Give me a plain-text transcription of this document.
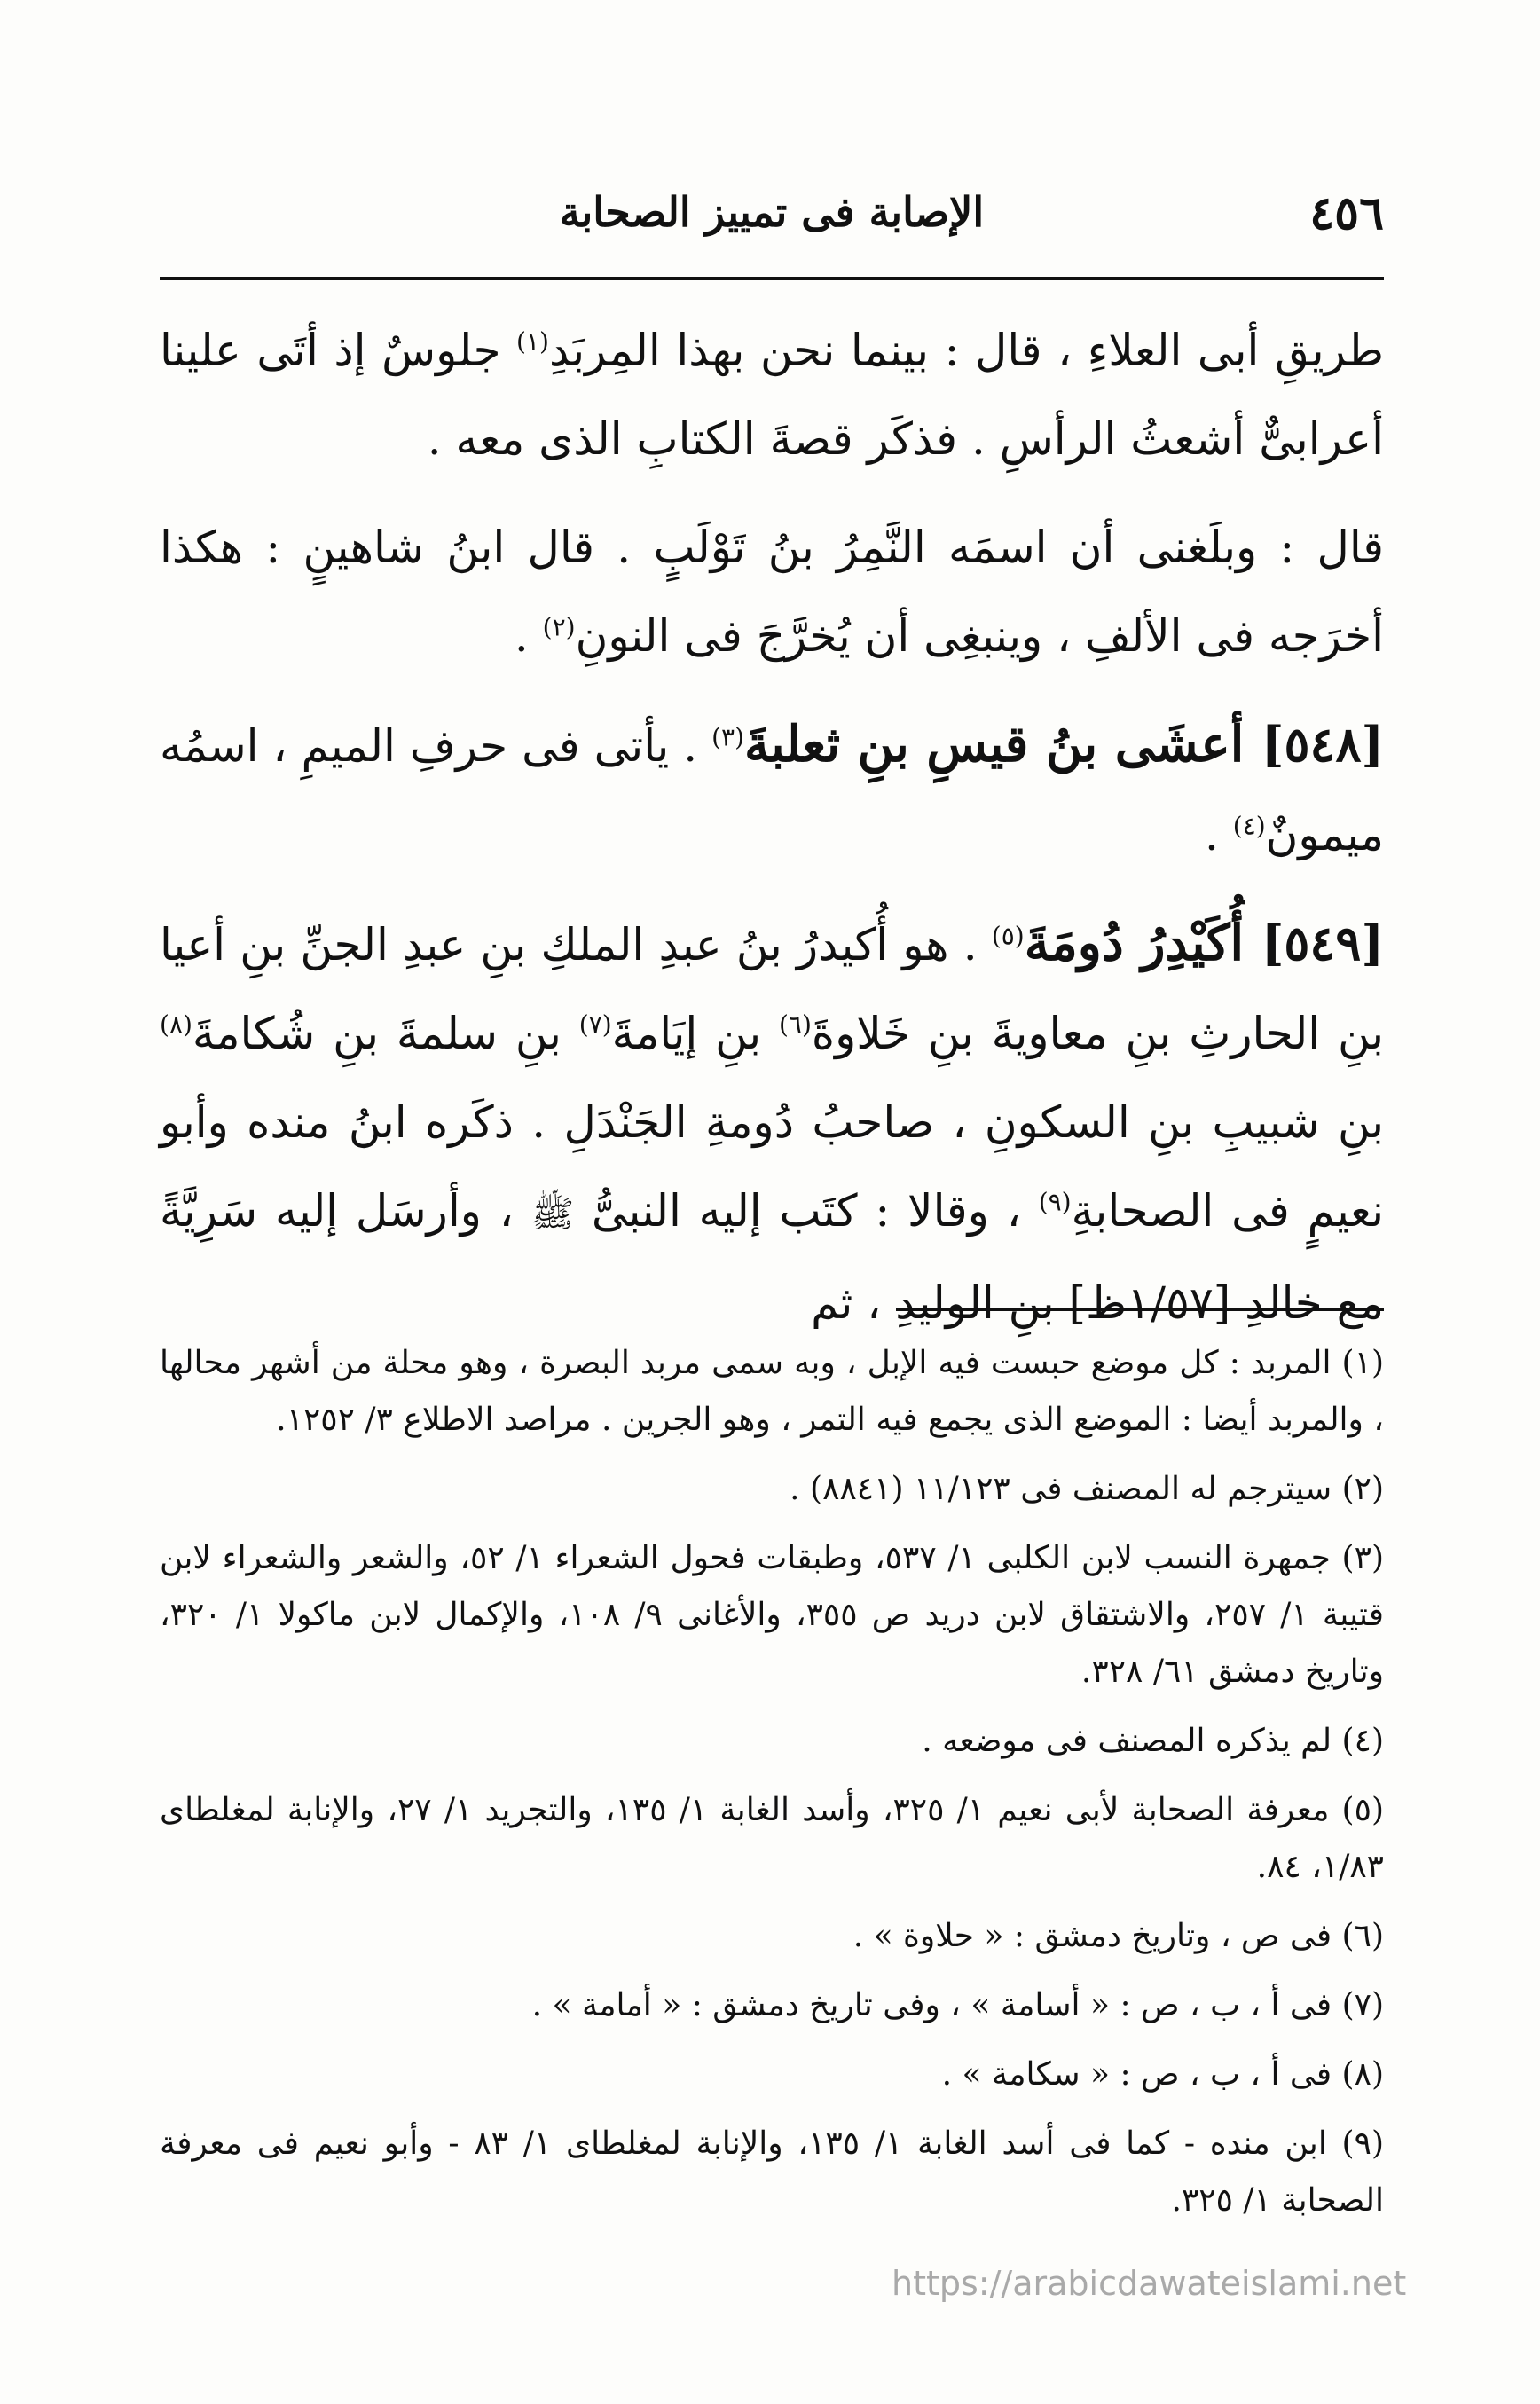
٤٥٦
الإصابة فى تمييز الصحابة

طريقِ أبى العلاءِ ، قال : بينما نحن بهذا المِربَدِ$^{(١)}$ جلوسٌ إذ أتَى علينا أعرابىٌّ أشعثُ الرأسِ . فذكَر قصةَ الكتابِ الذى معه .

قال : وبلَغنى أن اسمَه النَّمِرُ بنُ تَوْلَبٍ . قال ابنُ شاهينٍ : هكذا أخرَجه فى الألفِ ، وينبغِى أن يُخرَّجَ فى النونِ$^{(٢)}$ .

[٥٤٨] أعشَى بنُ قيسِ بنِ ثعلبةَ$^{(٣)}$ . يأتى فى حرفِ الميمِ ، اسمُه ميمونٌ$^{(٤)}$ .

[٥٤٩] أُكَيْدِرُ دُومَةَ$^{(٥)}$ . هو أُكيدرُ بنُ عبدِ الملكِ بنِ عبدِ الجنِّ بنِ أعيا بنِ الحارثِ بنِ معاويةَ بنِ خَلاوةَ$^{(٦)}$ بنِ إيَامةَ$^{(٧)}$ بنِ سلمةَ بنِ شُكامةَ$^{(٨)}$ بنِ شبيبِ بنِ السكونِ ، صاحبُ دُومةِ الجَنْدَلِ . ذكَره ابنُ منده وأبو نعيمٍ فى الصحابةِ$^{(٩)}$ ، وقالا : كتَب إليه النبىُّ ﷺ ، وأرسَل إليه سَرِيَّةً مع خالدِ [١/٥٧ظ] بنِ الوليدِ ، ثم

(١) المربد : كل موضع حبست فيه الإبل ، وبه سمى مربد البصرة ، وهو محلة من أشهر محالها ، والمربد أيضا : الموضع الذى يجمع فيه التمر ، وهو الجرين . مراصد الاطلاع ٣/ ١٢٥٢.
(٢) سيترجم له المصنف فى ١١/١٢٣ (٨٨٤١) .
(٣) جمهرة النسب لابن الكلبى ١/ ٥٣٧، وطبقات فحول الشعراء ١/ ٥٢، والشعر والشعراء لابن قتيبة ١/ ٢٥٧، والاشتقاق لابن دريد ص ٣٥٥، والأغانى ٩/ ١٠٨، والإكمال لابن ماكولا ١/ ٣٢٠، وتاريخ دمشق ٦١/ ٣٢٨.
(٤) لم يذكره المصنف فى موضعه .
(٥) معرفة الصحابة لأبى نعيم ١/ ٣٢٥، وأسد الغابة ١/ ١٣٥، والتجريد ١/ ٢٧، والإنابة لمغلطاى ١/٨٣، ٨٤.
(٦) فى ص ، وتاريخ دمشق : « حلاوة » .
(٧) فى أ ، ب ، ص : « أسامة » ، وفى تاريخ دمشق : « أمامة » .
(٨) فى أ ، ب ، ص : « سكامة » .
(٩) ابن منده - كما فى أسد الغابة ١/ ١٣٥، والإنابة لمغلطاى ١/ ٨٣ - وأبو نعيم فى معرفة الصحابة ١/ ٣٢٥.
https://arabicdawateislami.net
